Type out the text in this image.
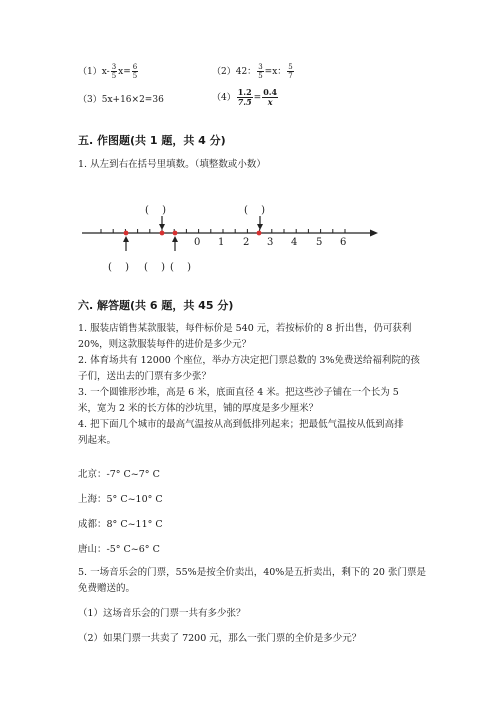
$(1)x- \frac{3}{5} x= \frac{6}{5}$	（2）42： $\frac{3}{5} =x$： $\frac{5}{7}$
（3）5x+16×2=36	$(4) \frac{1.2}{7.5} = \frac{0.4}{x}$
五. 作图题(共 1 题，共 4 分)
1. 从左到右在括号里填数。（填整数或小数）
(　 )	(　 )
(　 ) (　 ) (　 )
0 1 2 3 4 5 6
六. 解答题(共 6 题，共 45 分)
1. 服装店销售某款服装，每件标价是 540 元，若按标价的 8 折出售，仍可获利
20%，则这款服装每件的进价是多少元？
2. 体育场共有 12000 个座位，举办方决定把门票总数的 3%免费送给福利院的孩
子们，送出去的门票有多少张？
3. 一个圆锥形沙堆，高是 6 米，底面直径 4 米。把这些沙子铺在一个长为 5
米，宽为 2 米的长方体的沙坑里，铺的厚度是多少厘米？
4. 把下面几个城市的最高气温按从高到低排列起来；把最低气温按从低到高排
列起来。
北京：-7° C~7° C
上海：5° C~10° C
成都：8° C~11° C
唐山：-5° C~6° C
5. 一场音乐会的门票，55%是按全价卖出，40%是五折卖出，剩下的 20 张门票是
免费赠送的。
（1）这场音乐会的门票一共有多少张？
（2）如果门票一共卖了 7200 元，那么一张门票的全价是多少元？
